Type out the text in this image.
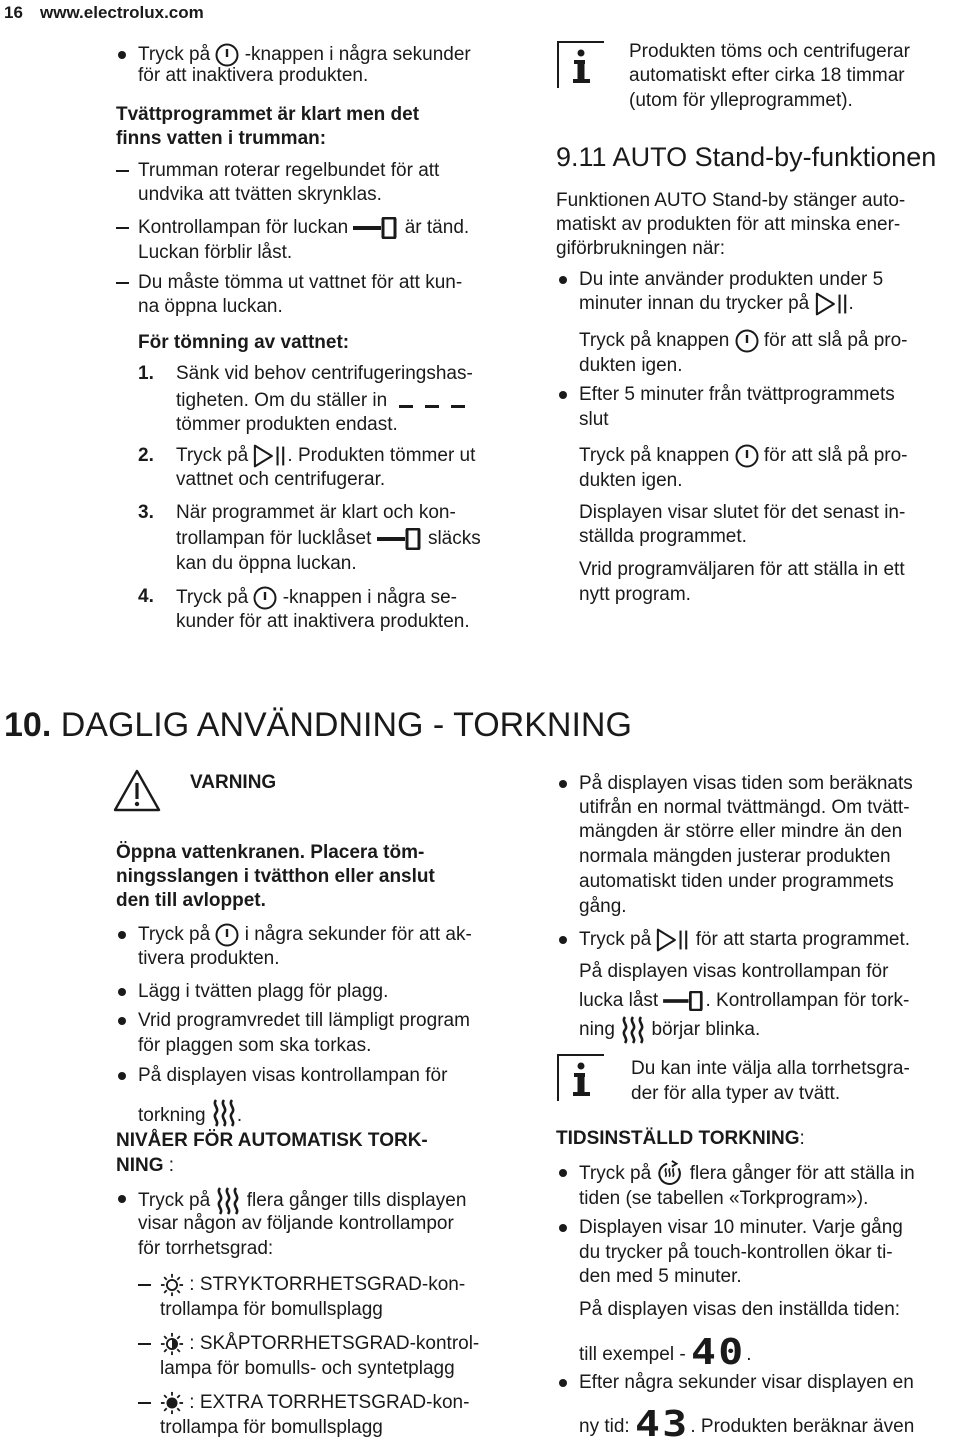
16 www.electrolux.com
Tryck på -knappen i några sekunder
för att inaktivera produkten.
Tvättprogrammet är klart men det
finns vatten i trumman:
Trumman roterar regelbundet för att
undvika att tvätten skrynklas.
Kontrollampan för luckan	är tänd.
Luckan förblir låst.
Du måste tömma ut vattnet för att kun-
na öppna luckan.
För tömning av vattnet:
1. Sänk vid behov centrifugeringshas-
tigheten. Om du ställer in
tömmer produkten endast.
2. Tryck på . Produkten tömmer ut
vattnet och centrifugerar.
3. När programmet är klart och kon-
trollampan för lucklåset	släcks
kan du öppna luckan.
4. Tryck på -knappen i några se-
kunder för att inaktivera produkten.
Produkten töms och centrifugerar
automatiskt efter cirka 18 timmar
(utom för ylleprogrammet).
9.11 AUTO Stand-by-funktionen
Funktionen AUTO Stand-by stänger auto-
matiskt av produkten för att minska ener-
giförbrukningen när:
Du inte använder produkten under 5
minuter innan du trycker på .
Tryck på knappen för att slå på pro-
dukten igen.
Efter 5 minuter från tvättprogrammets
slut
Tryck på knappen för att slå på pro-
dukten igen.
Displayen visar slutet för det senast in-
ställda programmet.
Vrid programväljaren för att ställa in ett
nytt program.
10. DAGLIG ANVÄNDNING - TORKNING
VARNING
Öppna vattenkranen. Placera töm-
ningsslangen i tvätthon eller anslut
den till avloppet.
Tryck på i några sekunder för att ak-
tivera produkten.
Lägg i tvätten plagg för plagg.
Vrid programvredet till lämpligt program
för plaggen som ska torkas.
På displayen visas kontrollampan för
torkning .
NIVÅER FÖR AUTOMATISK TORK-
NING :
Tryck på flera gånger tills displayen
visar någon av följande kontrollampor
för torrhetsgrad:
: STRYKTORRHETSGRAD-kon-
trollampa för bomullsplagg
: SKÅPTORRHETSGRAD-kontrol-
lampa för bomulls- och syntetplagg
: EXTRA TORRHETSGRAD-kon-
trollampa för bomullsplagg
På displayen visas tiden som beräknats
utifrån en normal tvättmängd. Om tvätt-
mängden är större eller mindre än den
normala mängden justerar produkten
automatiskt tiden under programmets
gång.
Tryck på för att starta programmet.
På displayen visas kontrollampan för
lucka låst . Kontrollampan för tork-
ning börjar blinka.
Du kan inte välja alla torrhetsgra-
der för alla typer av tvätt.
TIDSINSTÄLLD TORKNING:
Tryck på flera gånger för att ställa in
tiden (se tabellen «Torkprogram»).
Displayen visar 10 minuter. Varje gång
du trycker på touch-kontrollen ökar ti-
den med 5 minuter.
På displayen visas den inställda tiden:
till exempel - 40.
Efter några sekunder visar displayen en
ny tid: 43. Produkten beräknar även
